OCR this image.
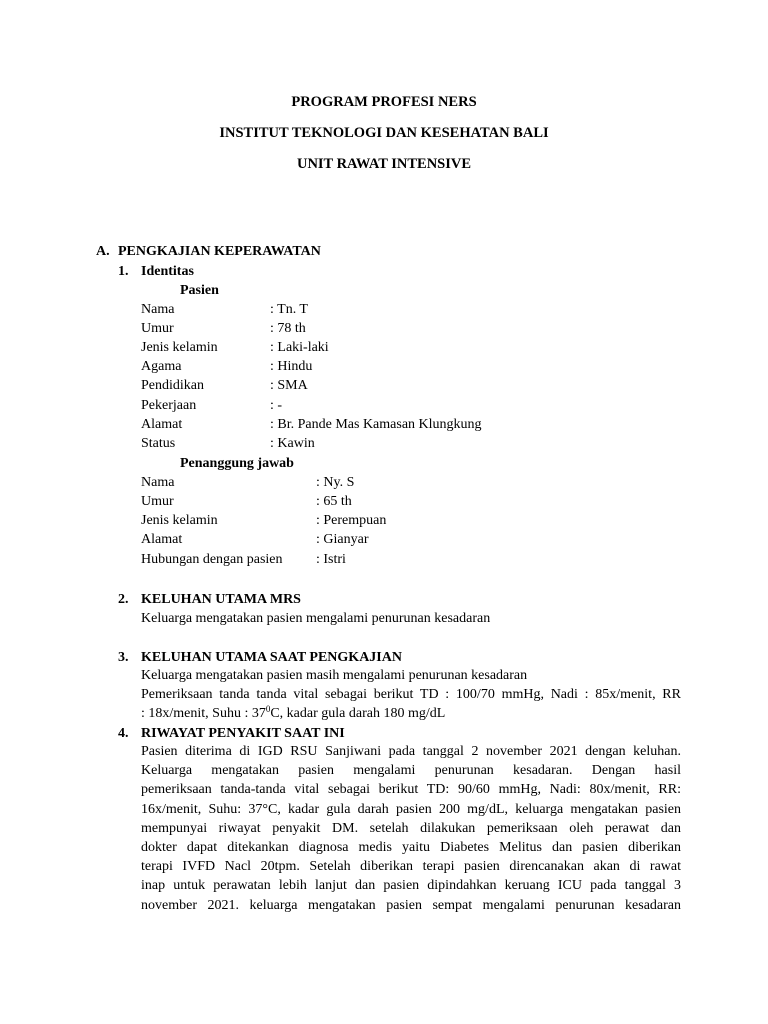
PROGRAM PROFESI NERS
INSTITUT TEKNOLOGI DAN KESEHATAN BALI
UNIT RAWAT INTENSIVE
A. PENGKAJIAN KEPERAWATAN
1. Identitas
Pasien
Nama	: Tn. T
Umur	: 78 th
Jenis kelamin	: Laki-laki
Agama	: Hindu
Pendidikan	: SMA
Pekerjaan	: -
Alamat	: Br. Pande Mas Kamasan Klungkung
Status	: Kawin
Penanggung jawab
Nama	: Ny. S
Umur	: 65 th
Jenis kelamin	: Perempuan
Alamat	: Gianyar
Hubungan dengan pasien : Istri
2. KELUHAN UTAMA MRS
Keluarga mengatakan pasien mengalami penurunan kesadaran
3. KELUHAN UTAMA SAAT PENGKAJIAN
Keluarga mengatakan pasien masih mengalami penurunan kesadaran
Pemeriksaan tanda tanda vital sebagai berikut TD : 100/70 mmHg, Nadi : 85x/menit, RR
: 18x/menit, Suhu : $37^0C$, kadar gula darah 180 mg/dL
4. RIWAYAT PENYAKIT SAAT INI
Pasien diterima di IGD RSU Sanjiwani pada tanggal 2 november 2021 dengan keluhan.
Keluarga mengatakan pasien mengalami penurunan kesadaran. Dengan hasil
pemeriksaan tanda-tanda vital sebagai berikut TD: 90/60 mmHg, Nadi: 80x/menit, RR:
16x/menit, Suhu: 37°C, kadar gula darah pasien 200 mg/dL, keluarga mengatakan pasien
mempunyai riwayat penyakit DM. setelah dilakukan pemeriksaan oleh perawat dan
dokter dapat ditekankan diagnosa medis yaitu Diabetes Melitus dan pasien diberikan
terapi IVFD Nacl 20tpm. Setelah diberikan terapi pasien direncanakan akan di rawat
inap untuk perawatan lebih lanjut dan pasien dipindahkan keruang ICU pada tanggal 3
november 2021. keluarga mengatakan pasien sempat mengalami penurunan kesadaran
